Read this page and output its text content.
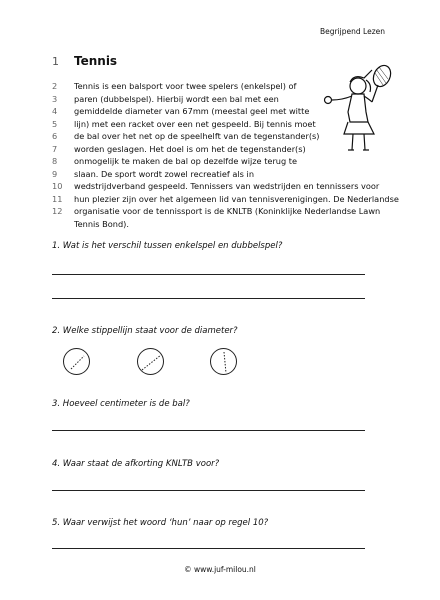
Begrijpend Lezen
1 Tennis
2	Tennis is een balsport voor twee spelers (enkelspel) of
3	paren (dubbelspel). Hierbij wordt een bal met een
4	gemiddelde diameter van 67mm (meestal geel met witte
5	lijn) met een racket over een net gespeeld. Bij tennis moet
6	de bal over het net op de speelhelft van de tegenstander(s)
7	worden geslagen. Het doel is om het de tegenstander(s)
8	onmogelijk te maken de bal op dezelfde wijze terug te
9	slaan. De sport wordt zowel recreatief als in
10	wedstrijdverband gespeeld. Tennissers van wedstrijden en tennissers voor
11	hun plezier zijn over het algemeen lid van tennisverenigingen. De Nederlandse
12	organisatie voor de tennissport is de KNLTB (Koninklijke Nederlandse Lawn
Tennis Bond).
1. Wat is het verschil tussen enkelspel en dubbelspel?
2. Welke stippellijn staat voor de diameter?
3. Hoeveel centimeter is de bal?
4. Waar staat de afkorting KNLTB voor?
5. Waar verwijst het woord ‘hun’ naar op regel 10?
© www.juf-milou.nl
